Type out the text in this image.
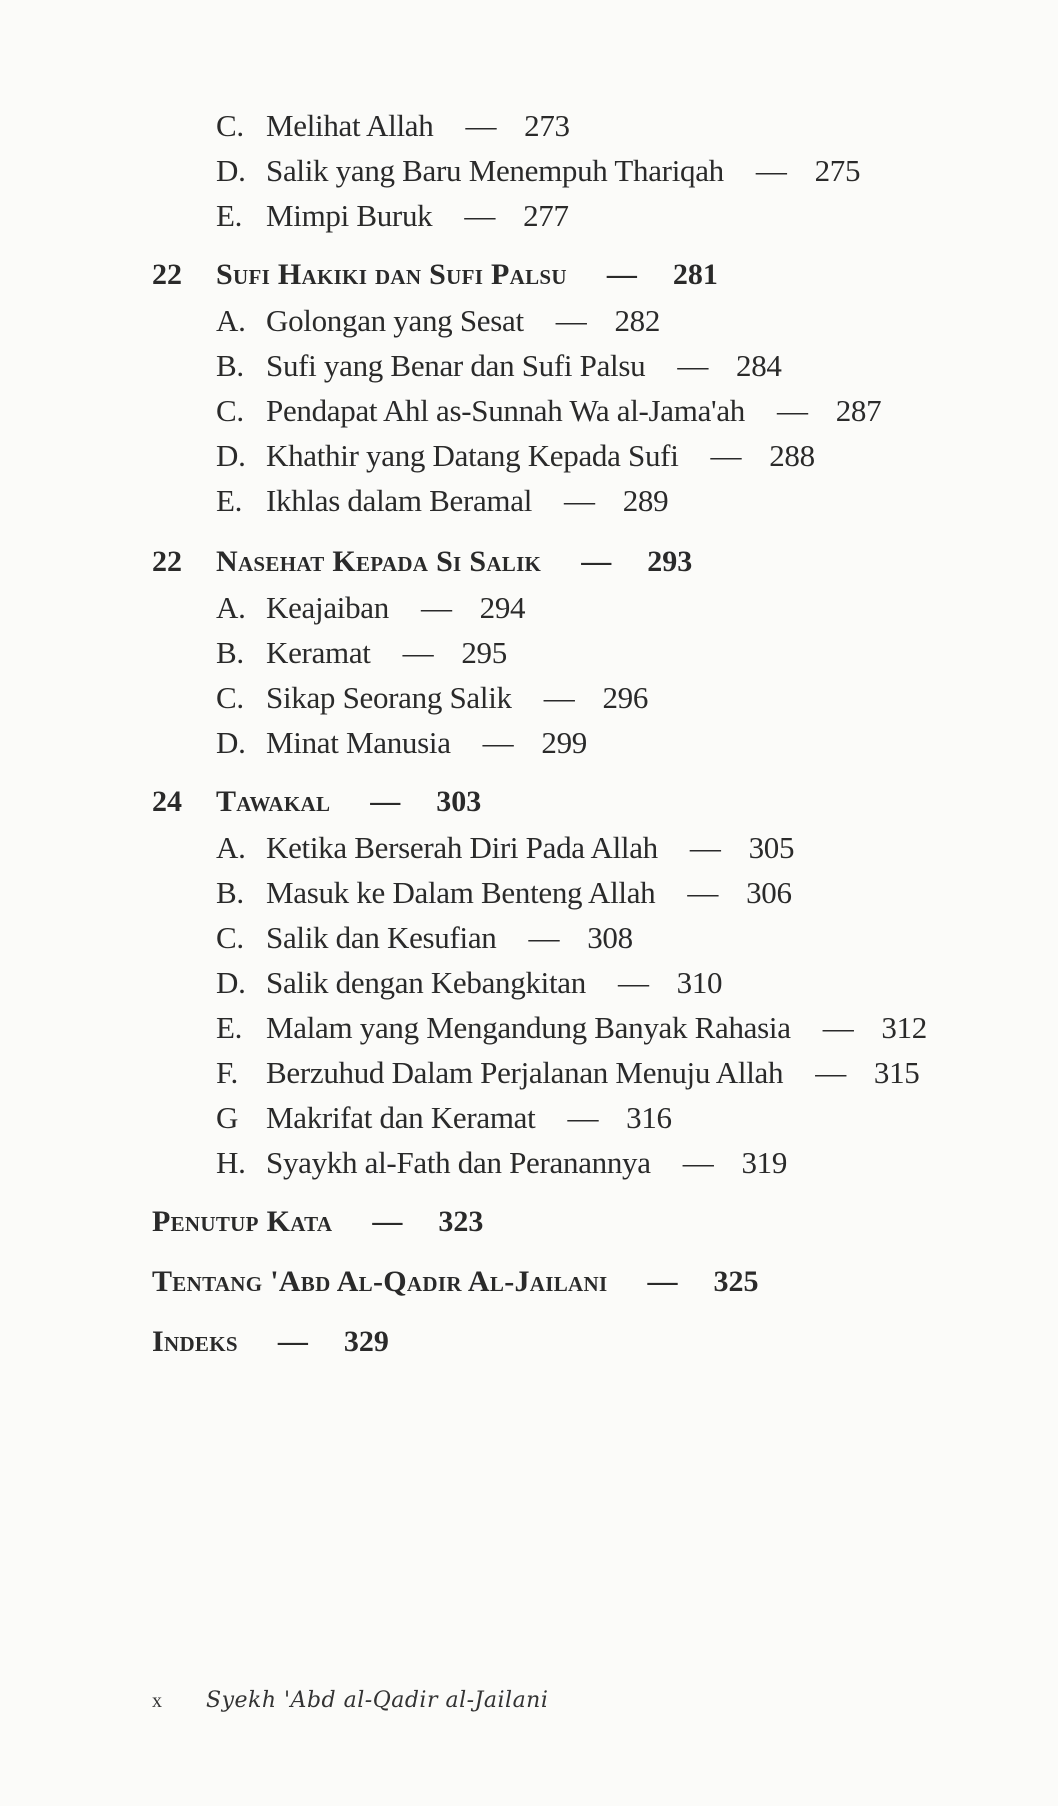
C. Melihat Allah — 273
D. Salik yang Baru Menempuh Thariqah — 275
E. Mimpi Buruk — 277
22	Sufi Hakiki dan Sufi Palsu — 281
A. Golongan yang Sesat — 282
B. Sufi yang Benar dan Sufi Palsu — 284
C. Pendapat Ahl as-Sunnah Wa al-Jama'ah — 287
D. Khathir yang Datang Kepada Sufi — 288
E. Ikhlas dalam Beramal — 289
22	Nasehat Kepada Si Salik — 293
A. Keajaiban — 294
B. Keramat — 295
C. Sikap Seorang Salik — 296
D. Minat Manusia — 299
24	Tawakal — 303
A. Ketika Berserah Diri Pada Allah — 305
B. Masuk ke Dalam Benteng Allah — 306
C. Salik dan Kesufian — 308
D. Salik dengan Kebangkitan — 310
E. Malam yang Mengandung Banyak Rahasia — 312
F. Berzuhud Dalam Perjalanan Menuju Allah — 315
G Makrifat dan Keramat — 316
H. Syaykh al-Fath dan Peranannya — 319
Penutup Kata — 323
Tentang 'Abd Al-Qadir Al-Jailani — 325
Indeks — 329
x	Syekh 'Abd al-Qadir al-Jailani
